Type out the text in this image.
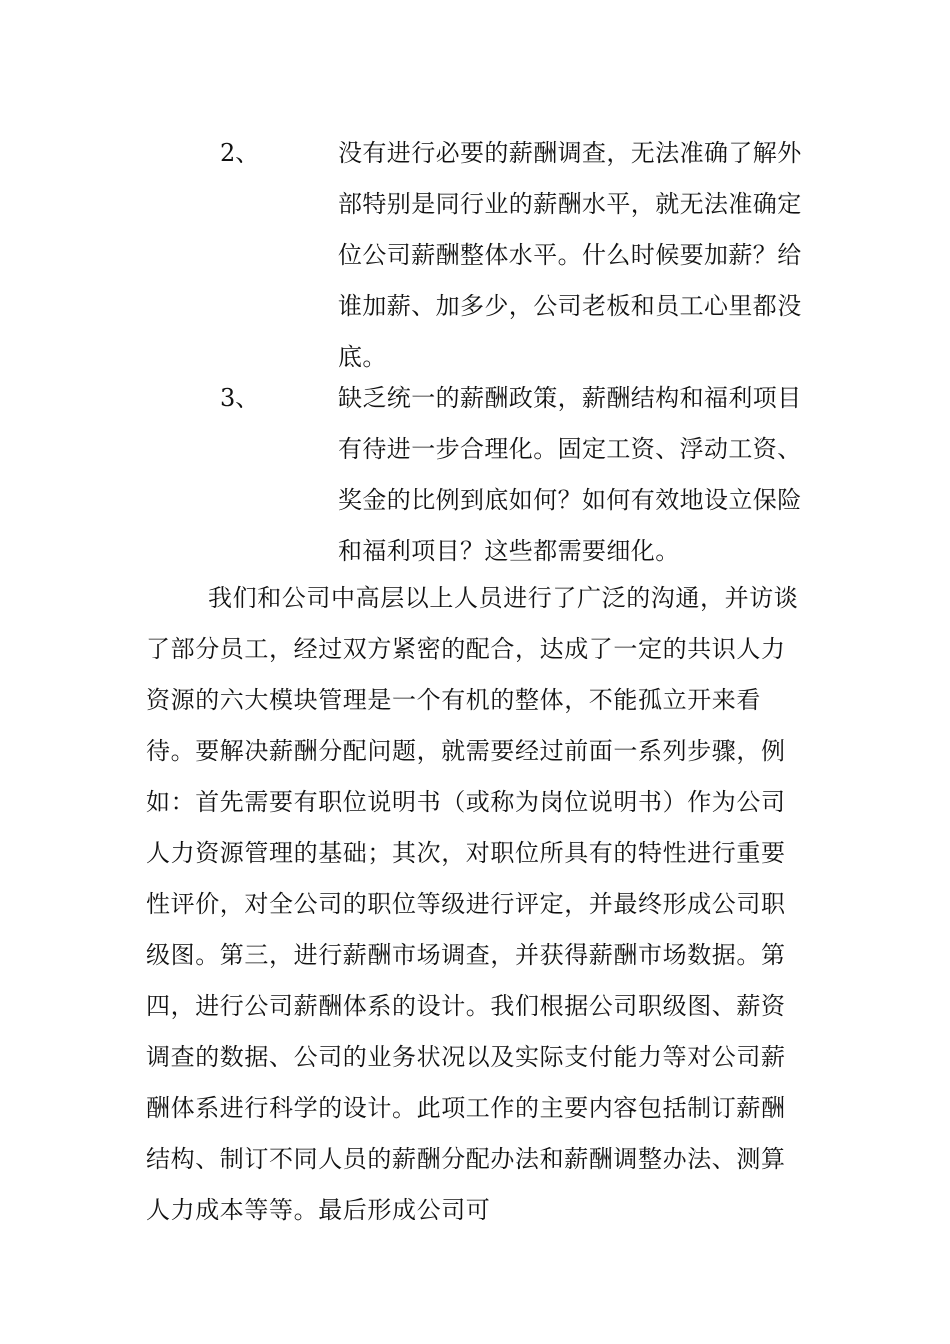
2、	没有进行必要的薪酬调查，无法准确了解外部特别是同行业的薪酬水平，就无法准确定位公司薪酬整体水平。什么时候要加薪？给谁加薪、加多少，公司老板和员工心里都没底。
3、	缺乏统一的薪酬政策，薪酬结构和福利项目有待进一步合理化。固定工资、浮动工资、奖金的比例到底如何？如何有效地设立保险和福利项目？这些都需要细化。
我们和公司中高层以上人员进行了广泛的沟通，并访谈了部分员工，经过双方紧密的配合，达成了一定的共识人力资源的六大模块管理是一个有机的整体，不能孤立开来看待。要解决薪酬分配问题，就需要经过前面一系列步骤，例如：首先需要有职位说明书（或称为岗位说明书）作为公司人力资源管理的基础；其次，对职位所具有的特性进行重要性评价，对全公司的职位等级进行评定，并最终形成公司职级图。第三，进行薪酬市场调查，并获得薪酬市场数据。第四，进行公司薪酬体系的设计。我们根据公司职级图、薪资调查的数据、公司的业务状况以及实际支付能力等对公司薪酬体系进行科学的设计。此项工作的主要内容包括制订薪酬结构、制订不同人员的薪酬分配办法和薪酬调整办法、测算人力成本等等。最后形成公司可
